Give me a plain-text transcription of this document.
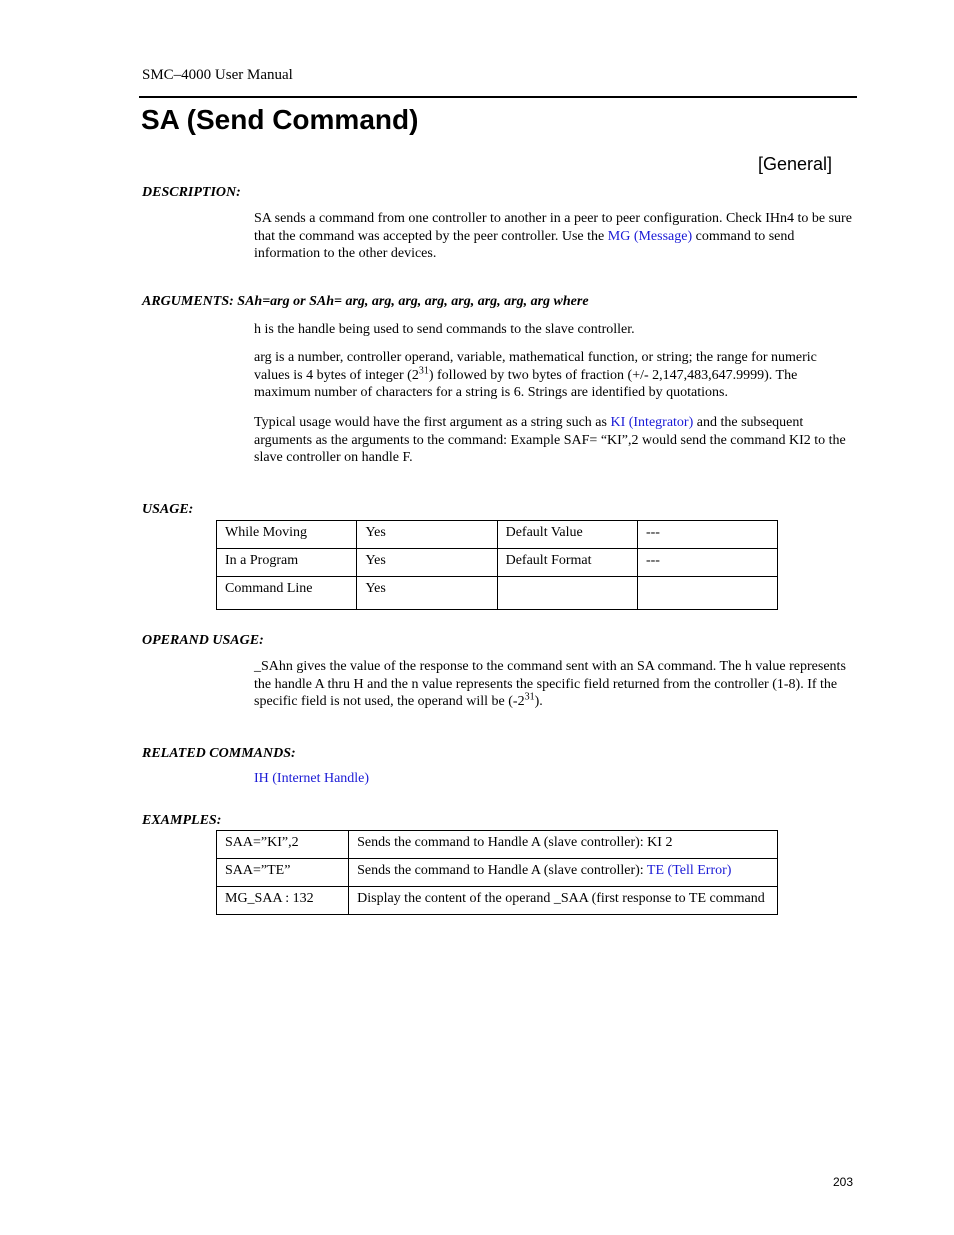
SMC–4000 User Manual
SA (Send Command)
[General]
DESCRIPTION:
SA sends a command from one controller to another in a peer to peer configuration. Check IHn4 to be sure that the command was accepted by the peer controller. Use the MG (Message) command to send information to the other devices.
ARGUMENTS: SAh=arg or SAh= arg, arg, arg, arg, arg, arg, arg, arg where
h is the handle being used to send commands to the slave controller.
arg is a number, controller operand, variable, mathematical function, or string; the range for numeric values is 4 bytes of integer $(2^{31})$ followed by two bytes of fraction (+/- 2,147,483,647.9999). The maximum number of characters for a string is 6. Strings are identified by quotations.
Typical usage would have the first argument as a string such as KI (Integrator) and the subsequent arguments as the arguments to the command: Example SAF= “KI”,2 would send the command KI2 to the slave controller on handle F.
USAGE:
While Moving	Yes	Default Value	---
In a Program	Yes	Default Format	---
Command Line	Yes		
OPERAND USAGE:
_SAhn gives the value of the response to the command sent with an SA command. The h value represents the handle A thru H and the n value represents the specific field returned from the controller (1-8). If the specific field is not used, the operand will be $(-2^{31})$.
RELATED COMMANDS:
IH (Internet Handle)
EXAMPLES:
SAA=”KI”,2	Sends the command to Handle A (slave controller): KI 2
SAA=”TE”	Sends the command to Handle A (slave controller): TE (Tell Error)
MG_SAA : 132	Display the content of the operand _SAA (first response to TE command
203
